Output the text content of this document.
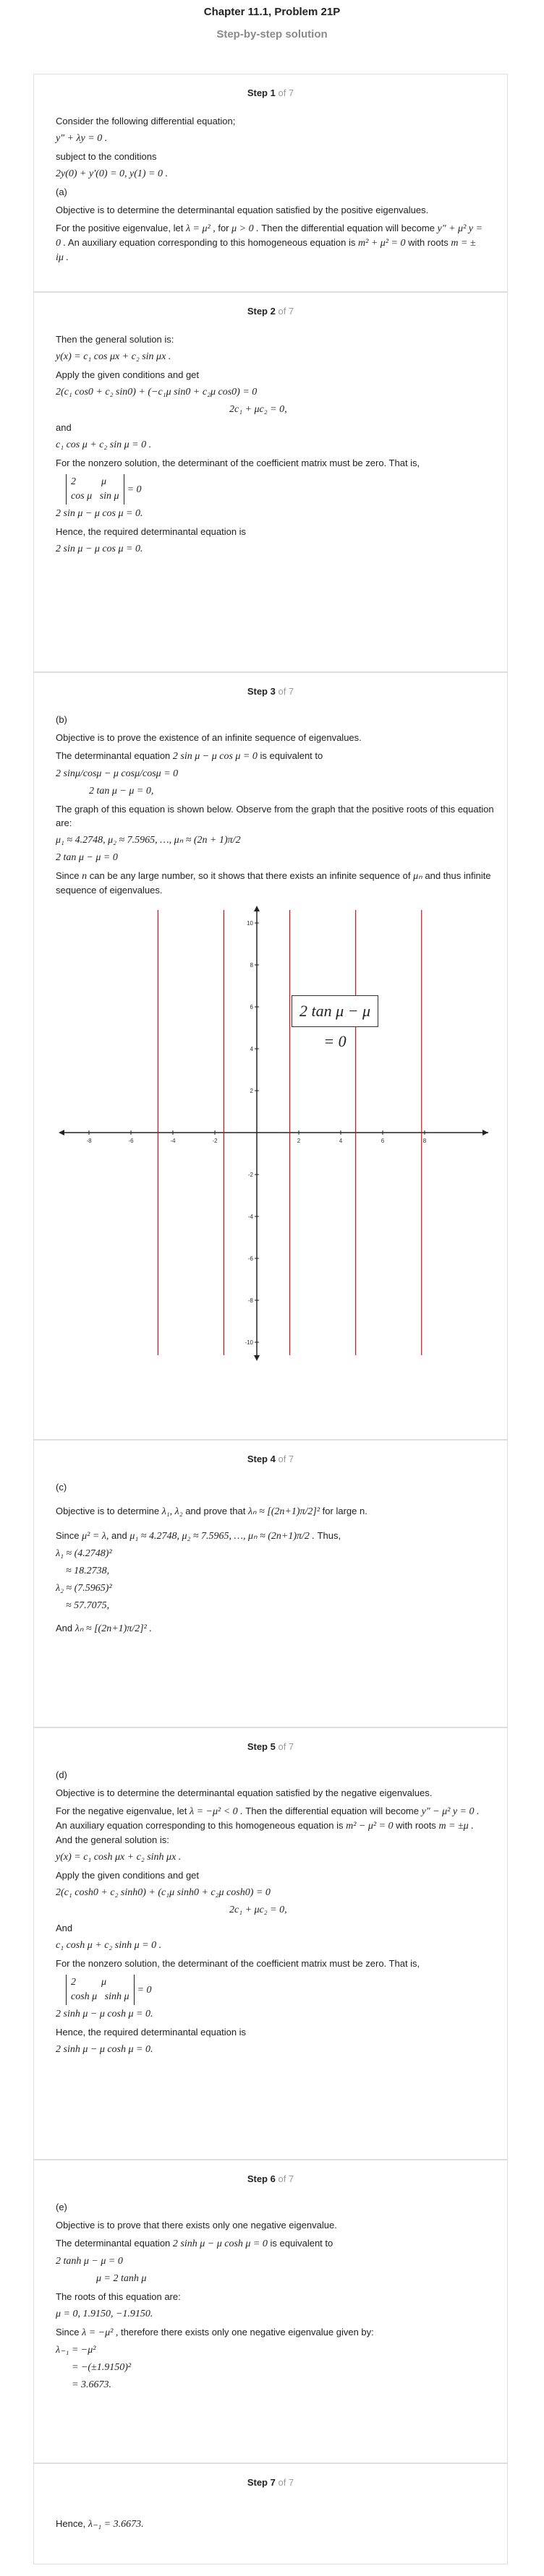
Chapter 11.1, Problem 21P
Step-by-step solution
Step 1 of 7

Consider the following differential equation;

y″ + λy = 0 .

subject to the conditions

2y(0) + y′(0) = 0, y(1) = 0 .

(a)

Objective is to determine the determinantal equation satisfied by the positive eigenvalues.

For the positive eigenvalue, let λ = μ² , for μ > 0 . Then the differential equation will become y″ + μ² y = 0 . An auxiliary equation corresponding to this homogeneous equation is m² + μ² = 0 with roots m = ± iμ .

Step 2 of 7

Then the general solution is:

y(x) = c₁ cos μx + c₂ sin μx .

Apply the given conditions and get

2(c₁ cos0 + c₂ sin0) + (−c₁μ sin0 + c₂μ cos0) = 0
2c₁ + μc₂ = 0,

and

c₁ cos μ + c₂ sin μ = 0 .

For the nonzero solution, the determinant of the coefficient matrix must be zero. That is,

2          μ
cos μ   sin μ
= 0
2 sin μ − μ cos μ = 0.

Hence, the required determinantal equation is

2 sin μ − μ cos μ = 0.
Step 3 of 7

(b)

Objective is to prove the existence of an infinite sequence of eigenvalues.

The determinantal equation 2 sin μ − μ cos μ = 0 is equivalent to

2 sinμ/cosμ − μ cosμ/cosμ = 0
2 tan μ − μ = 0,

The graph of this equation is shown below. Observe from the graph that the positive roots of this equation are:

μ₁ ≈ 4.2748, μ₂ ≈ 7.5965, …, μₙ ≈ (2n + 1)π/2
2 tan μ − μ = 0

Since n can be any large number, so it shows that there exists an infinite sequence of μₙ and thus infinite sequence of eigenvalues.

-8	-6	-4	-2	2	4	6	8
10
8
6
4
2
-2
-4
-6
-8
-10
2 tan μ − μ = 0
Step 4 of 7

(c)

Objective is to determine λ₁, λ₂ and prove that λₙ ≈ [(2n+1)π/2]² for large n.

Since μ² = λ, and μ₁ ≈ 4.2748, μ₂ ≈ 7.5965, …, μₙ ≈ (2n+1)π/2 . Thus,

λ₁ ≈ (4.2748)²
≈ 18.2738,
λ₂ ≈ (7.5965)²
≈ 57.7075,

And λₙ ≈ [(2n+1)π/2]² .

Step 5 of 7

(d)

Objective is to determine the determinantal equation satisfied by the negative eigenvalues.

For the negative eigenvalue, let λ = −μ² < 0 . Then the differential equation will become y″ − μ² y = 0 . An auxiliary equation corresponding to this homogeneous equation is m² − μ² = 0 with roots m = ±μ . And the general solution is:

y(x) = c₁ cosh μx + c₂ sinh μx .

Apply the given conditions and get

2(c₁ cosh0 + c₂ sinh0) + (c₁μ sinh0 + c₂μ cosh0) = 0
2c₁ + μc₂ = 0,

And

c₁ cosh μ + c₂ sinh μ = 0 .

For the nonzero solution, the determinant of the coefficient matrix must be zero. That is,

2          μ
cosh μ   sinh μ
= 0
2 sinh μ − μ cosh μ = 0.

Hence, the required determinantal equation is

2 sinh μ − μ cosh μ = 0.
Step 6 of 7

(e)

Objective is to prove that there exists only one negative eigenvalue.

The determinantal equation 2 sinh μ − μ cosh μ = 0 is equivalent to

2 tanh μ − μ = 0
μ = 2 tanh μ

The roots of this equation are:

μ = 0, 1.9150, −1.9150.

Since λ = −μ² , therefore there exists only one negative eigenvalue given by:

λ₋₁ = −μ²
= −(±1.9150)²
= 3.6673.
Step 7 of 7

Hence, λ₋₁ = 3.6673.
